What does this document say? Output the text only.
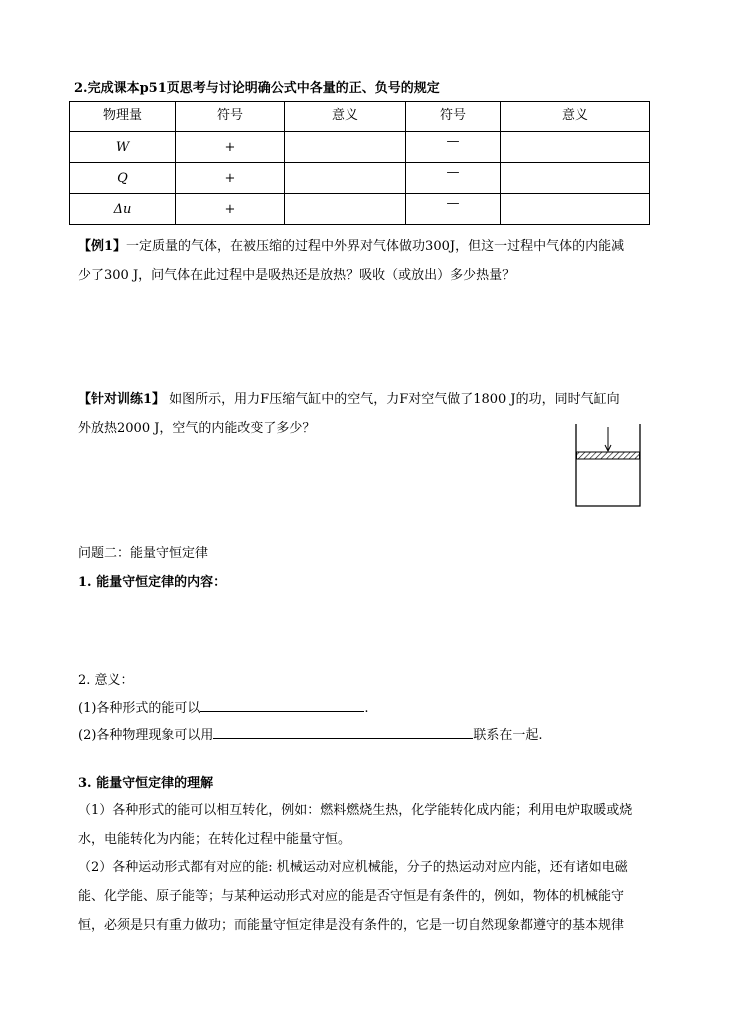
2.完成课本p51页思考与讨论明确公式中各量的正、负号的规定
物理量	符号	意义	符号	意义
W	+		—	
Q	+		—	
Δu	+		—	
【例1】一定质量的气体，在被压缩的过程中外界对气体做功300J，但这一过程中气体的内能减
少了300 J，问气体在此过程中是吸热还是放热？吸收（或放出）多少热量？
【针对训练1】 如图所示，用力F压缩气缸中的空气，力F对空气做了1800 J的功，同时气缸向
外放热2000 J，空气的内能改变了多少？
问题二：能量守恒定律
1. 能量守恒定律的内容：
2. 意义：
(1)各种形式的能可以	.
(2)各种物理现象可以用	联系在一起.
3. 能量守恒定律的理解
（1）各种形式的能可以相互转化，例如：燃料燃烧生热，化学能转化成内能；利用电炉取暖或烧
水，电能转化为内能；在转化过程中能量守恒。
（2）各种运动形式都有对应的能: 机械运动对应机械能，分子的热运动对应内能，还有诸如电磁
能、化学能、原子能等；与某种运动形式对应的能是否守恒是有条件的，例如，物体的机械能守
恒，必须是只有重力做功；而能量守恒定律是没有条件的，它是一切自然现象都遵守的基本规律
